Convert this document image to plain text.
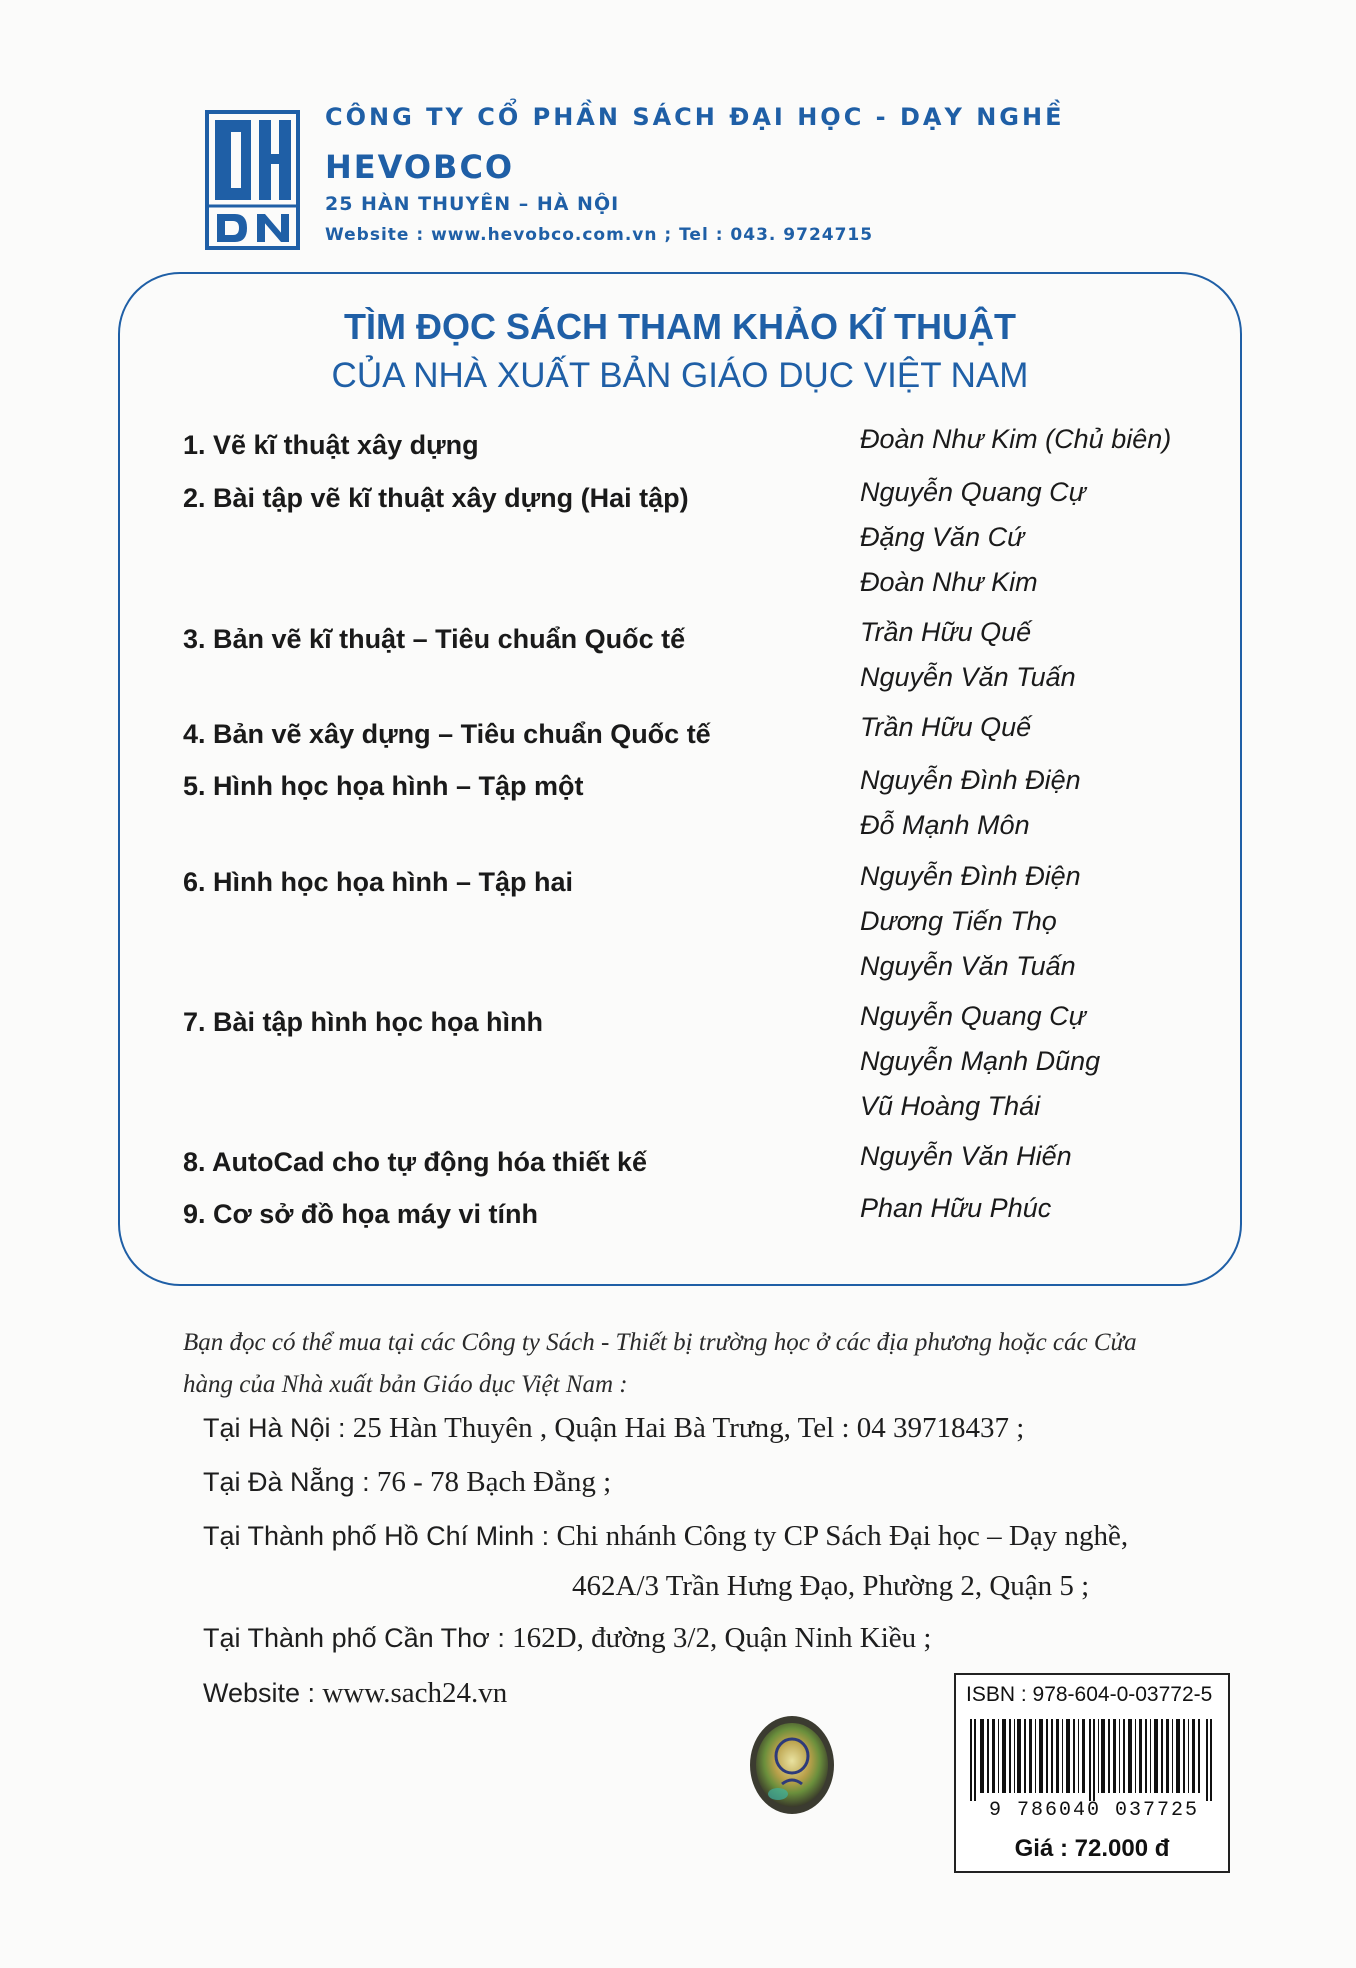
CÔNG TY CỔ PHẦN SÁCH ĐẠI HỌC - DẠY NGHỀ
HEVOBCO
25 HÀN THUYÊN – HÀ NỘI
Website : www.hevobco.com.vn ; Tel : 043. 9724715
TÌM ĐỌC SÁCH THAM KHẢO KĨ THUẬT
CỦA NHÀ XUẤT BẢN GIÁO DỤC VIỆT NAM
1. Vẽ kĩ thuật xây dựng	Đoàn Như Kim (Chủ biên)
2. Bài tập vẽ kĩ thuật xây dựng (Hai tập)	Nguyễn Quang Cự
Đặng Văn Cứ
Đoàn Như Kim
3. Bản vẽ kĩ thuật – Tiêu chuẩn Quốc tế	Trần Hữu Quế
Nguyễn Văn Tuấn
4. Bản vẽ xây dựng – Tiêu chuẩn Quốc tế	Trần Hữu Quế
5. Hình học họa hình – Tập một	Nguyễn Đình Điện
Đỗ Mạnh Môn
6. Hình học họa hình – Tập hai	Nguyễn Đình Điện
Dương Tiến Thọ
Nguyễn Văn Tuấn
7. Bài tập hình học họa hình	Nguyễn Quang Cự
Nguyễn Mạnh Dũng
Vũ Hoàng Thái
8. AutoCad cho tự động hóa thiết kế	Nguyễn Văn Hiến
9. Cơ sở đồ họa máy vi tính	Phan Hữu Phúc
Bạn đọc có thể mua tại các Công ty Sách - Thiết bị trường học ở các địa phương hoặc các Cửa hàng của Nhà xuất bản Giáo dục Việt Nam :
Tại Hà Nội : 25 Hàn Thuyên , Quận Hai Bà Trưng, Tel : 04 39718437 ;
Tại Đà Nẵng : 76 - 78 Bạch Đằng ;
Tại Thành phố Hồ Chí Minh : Chi nhánh Công ty CP Sách Đại học – Dạy nghề,
462A/3 Trần Hưng Đạo, Phường 2, Quận 5 ;
Tại Thành phố Cần Thơ : 162D, đường 3/2, Quận Ninh Kiều ;
Website : www.sach24.vn	ISBN : 978-604-0-03772-5
9 786040 037725
Giá : 72.000 đ
